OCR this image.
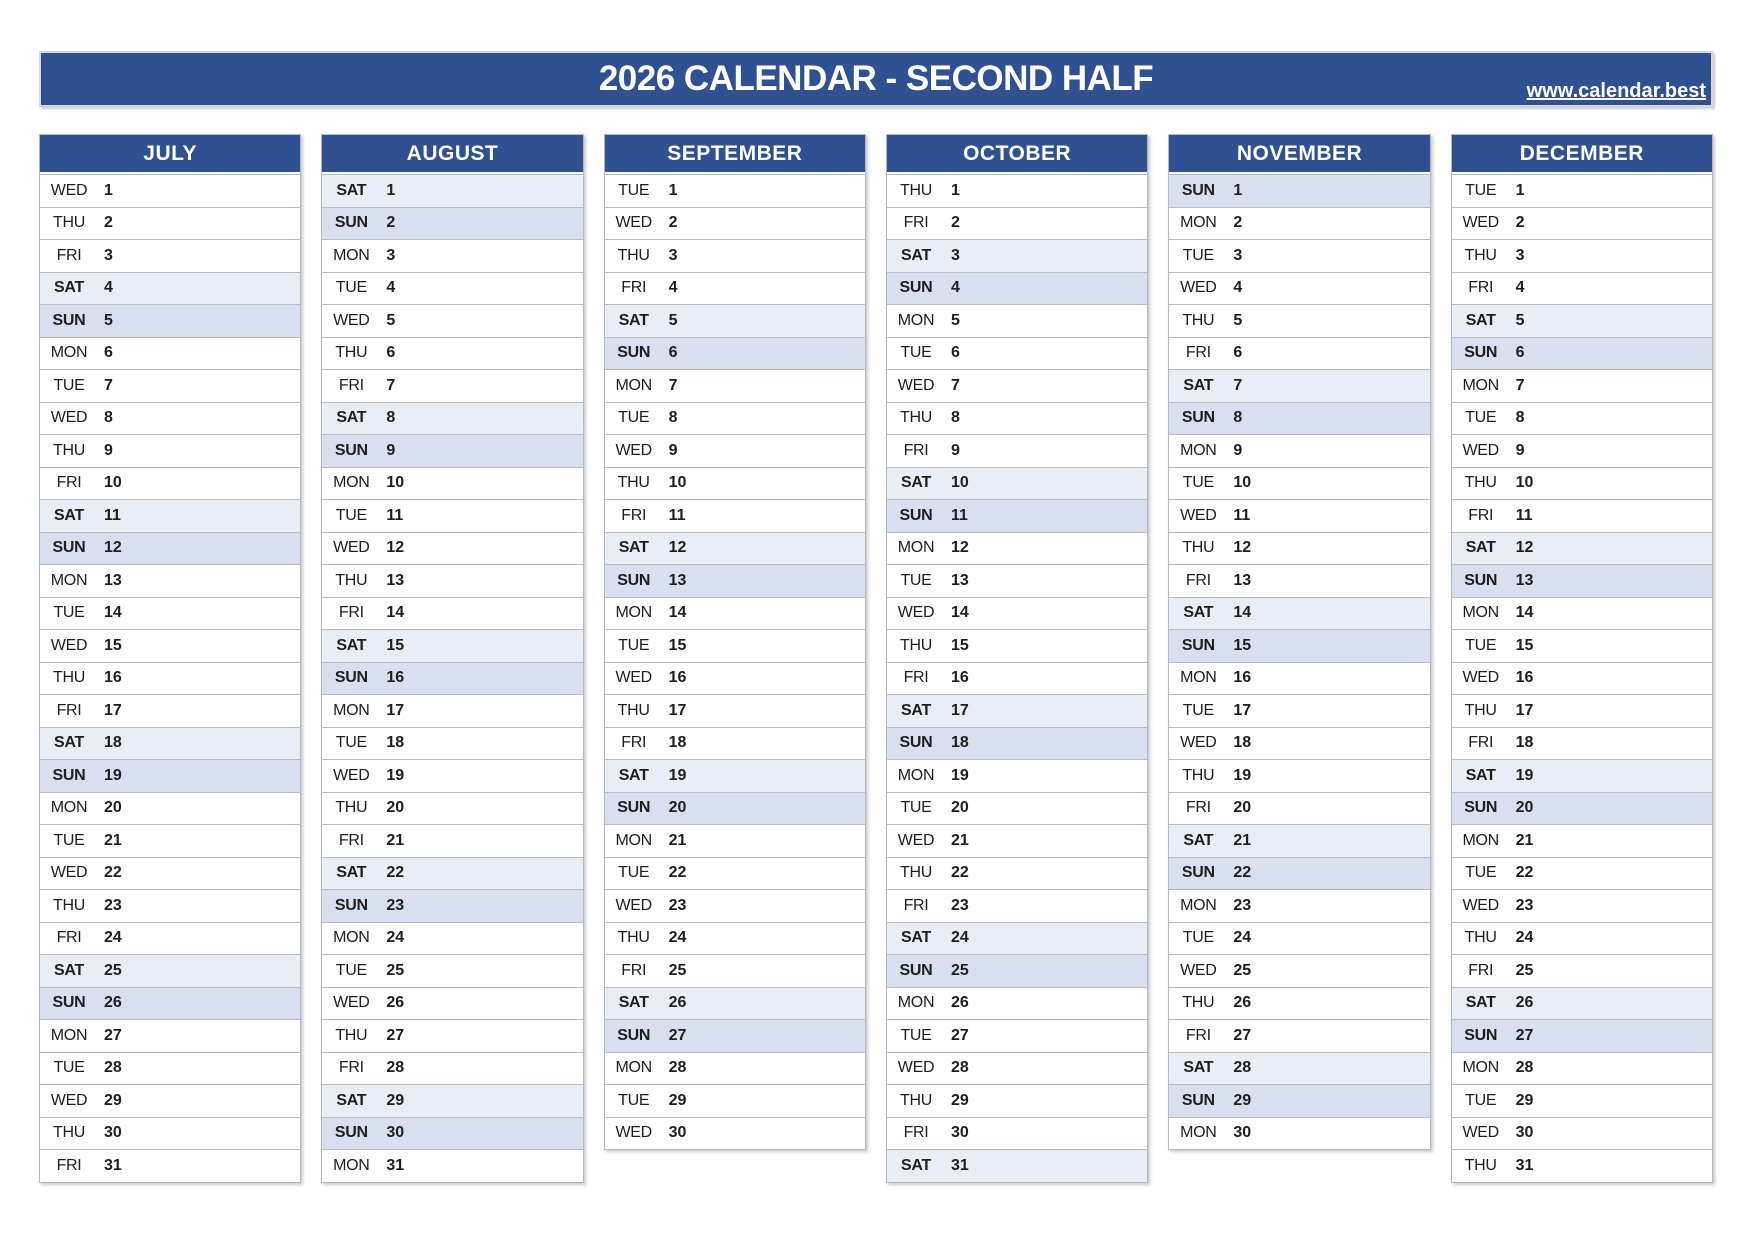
2026 CALENDAR - SECOND HALF	www.calendar.best
JULY
WED	1
THU	2
FRI	3
SAT	4
SUN	5
MON	6
TUE	7
WED	8
THU	9
FRI	10
SAT	11
SUN	12
MON	13
TUE	14
WED	15
THU	16
FRI	17
SAT	18
SUN	19
MON	20
TUE	21
WED	22
THU	23
FRI	24
SAT	25
SUN	26
MON	27
TUE	28
WED	29
THU	30
FRI	31
AUGUST
SAT	1
SUN	2
MON	3
TUE	4
WED	5
THU	6
FRI	7
SAT	8
SUN	9
MON	10
TUE	11
WED	12
THU	13
FRI	14
SAT	15
SUN	16
MON	17
TUE	18
WED	19
THU	20
FRI	21
SAT	22
SUN	23
MON	24
TUE	25
WED	26
THU	27
FRI	28
SAT	29
SUN	30
MON	31
SEPTEMBER
TUE	1
WED	2
THU	3
FRI	4
SAT	5
SUN	6
MON	7
TUE	8
WED	9
THU	10
FRI	11
SAT	12
SUN	13
MON	14
TUE	15
WED	16
THU	17
FRI	18
SAT	19
SUN	20
MON	21
TUE	22
WED	23
THU	24
FRI	25
SAT	26
SUN	27
MON	28
TUE	29
WED	30
OCTOBER
THU	1
FRI	2
SAT	3
SUN	4
MON	5
TUE	6
WED	7
THU	8
FRI	9
SAT	10
SUN	11
MON	12
TUE	13
WED	14
THU	15
FRI	16
SAT	17
SUN	18
MON	19
TUE	20
WED	21
THU	22
FRI	23
SAT	24
SUN	25
MON	26
TUE	27
WED	28
THU	29
FRI	30
SAT	31
NOVEMBER
SUN	1
MON	2
TUE	3
WED	4
THU	5
FRI	6
SAT	7
SUN	8
MON	9
TUE	10
WED	11
THU	12
FRI	13
SAT	14
SUN	15
MON	16
TUE	17
WED	18
THU	19
FRI	20
SAT	21
SUN	22
MON	23
TUE	24
WED	25
THU	26
FRI	27
SAT	28
SUN	29
MON	30
DECEMBER
TUE	1
WED	2
THU	3
FRI	4
SAT	5
SUN	6
MON	7
TUE	8
WED	9
THU	10
FRI	11
SAT	12
SUN	13
MON	14
TUE	15
WED	16
THU	17
FRI	18
SAT	19
SUN	20
MON	21
TUE	22
WED	23
THU	24
FRI	25
SAT	26
SUN	27
MON	28
TUE	29
WED	30
THU	31
